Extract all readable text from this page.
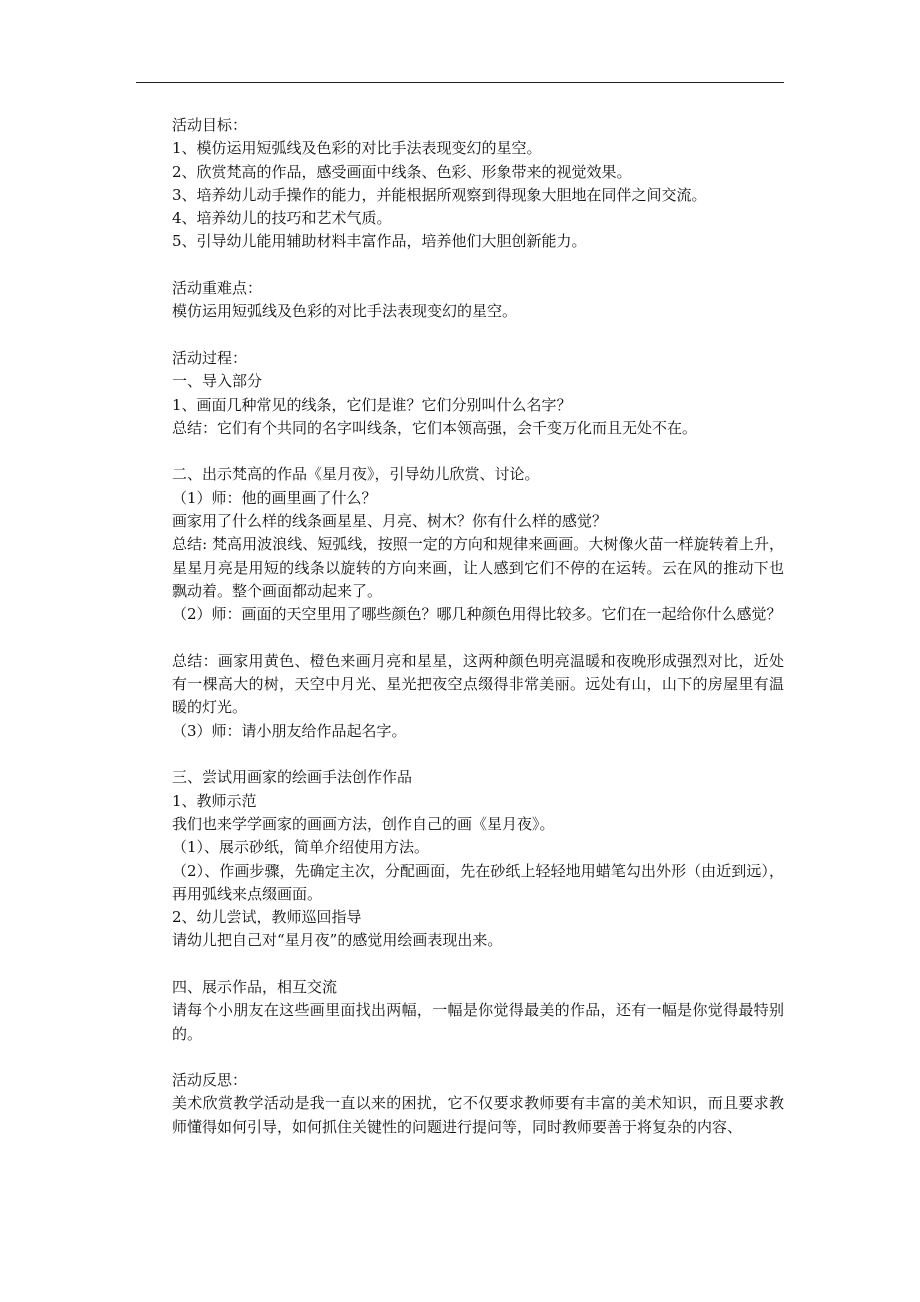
活动目标：
1、模仿运用短弧线及色彩的对比手法表现变幻的星空。
2、欣赏梵高的作品，感受画面中线条、色彩、形象带来的视觉效果。
3、培养幼儿动手操作的能力，并能根据所观察到得现象大胆地在同伴之间交流。
4、培养幼儿的技巧和艺术气质。
5、引导幼儿能用辅助材料丰富作品，培养他们大胆创新能力。
活动重难点：
模仿运用短弧线及色彩的对比手法表现变幻的星空。
活动过程：
一、导入部分
1、画面几种常见的线条，它们是谁？它们分别叫什么名字？
总结：它们有个共同的名字叫线条，它们本领高强，会千变万化而且无处不在。
二、出示梵高的作品《星月夜》，引导幼儿欣赏、讨论。
（1）师：他的画里画了什么？
画家用了什么样的线条画星星、月亮、树木？你有什么样的感觉？
总结: 梵高用波浪线、短弧线，按照一定的方向和规律来画画。大树像火苗一样旋转着上升，星星月亮是用短的线条以旋转的方向来画，让人感到它们不停的在运转。云在风的推动下也飘动着。整个画面都动起来了。
（2）师：画面的天空里用了哪些颜色？哪几种颜色用得比较多。它们在一起给你什么感觉？
总结：画家用黄色、橙色来画月亮和星星，这两种颜色明亮温暖和夜晚形成强烈对比，近处有一棵高大的树，天空中月光、星光把夜空点缀得非常美丽。远处有山，山下的房屋里有温暖的灯光。
（3）师：请小朋友给作品起名字。
三、尝试用画家的绘画手法创作作品
1、教师示范
我们也来学学画家的画画方法，创作自己的画《星月夜》。
（1）、展示砂纸，简单介绍使用方法。
（2）、作画步骤，先确定主次，分配画面，先在砂纸上轻轻地用蜡笔勾出外形（由近到远），再用弧线来点缀画面。
2、幼儿尝试，教师巡回指导
请幼儿把自己对“星月夜”的感觉用绘画表现出来。
四、展示作品，相互交流
请每个小朋友在这些画里面找出两幅，一幅是你觉得最美的作品，还有一幅是你觉得最特别的。
活动反思：
美术欣赏教学活动是我一直以来的困扰，它不仅要求教师要有丰富的美术知识，而且要求教师懂得如何引导，如何抓住关键性的问题进行提问等，同时教师要善于将复杂的内容、
